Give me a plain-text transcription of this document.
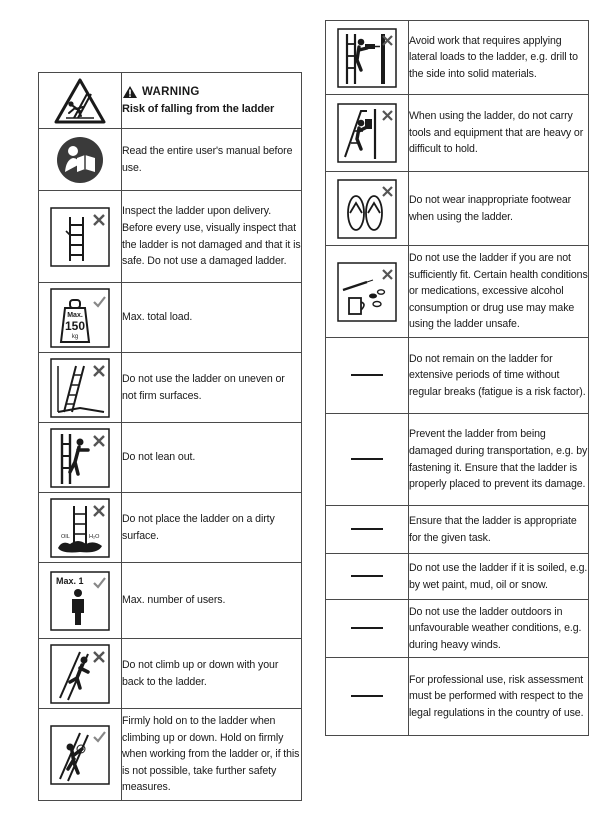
WARNING
Risk of falling from the ladder

	Read the entire user's manual before use.
	Inspect the ladder upon delivery. Before every use, visually inspect that the ladder is not damaged and that it is safe. Do not use a damaged ladder.

Max.
150
kg	Max. total load.
	Do not use the ladder on uneven or not firm surfaces.
	Do not lean out.

OIL H₂O	Do not place the ladder on a dirty surface.

Max. 1	Max. number of users.
	Do not climb up or down with your back to the ladder.
	Firmly hold on to the ladder when climbing up or down. Hold on firmly when working from the ladder or, if this is not possible, take further safety measures.
	Avoid work that requires applying lateral loads to the ladder, e.g. drill to the side into solid materials.
	When using the ladder, do not carry tools and equipment that are heavy or difficult to hold.
	Do not wear inappropriate footwear when using the ladder.
	Do not use the ladder if you are not sufficiently fit. Certain health conditions or medications, excessive alcohol consumption or drug use may make using the ladder unsafe.
	Do not remain on the ladder for extensive periods of time without regular breaks (fatigue is a risk factor).
	Prevent the ladder from being damaged during transportation, e.g. by fastening it. Ensure that the ladder is properly placed to prevent its damage.
	Ensure that the ladder is appropriate for the given task.
	Do not use the ladder if it is soiled, e.g. by wet paint, mud, oil or snow.
	Do not use the ladder outdoors in unfavourable weather conditions, e.g. during heavy winds.
	For professional use, risk assessment must be performed with respect to the legal regulations in the country of use.
